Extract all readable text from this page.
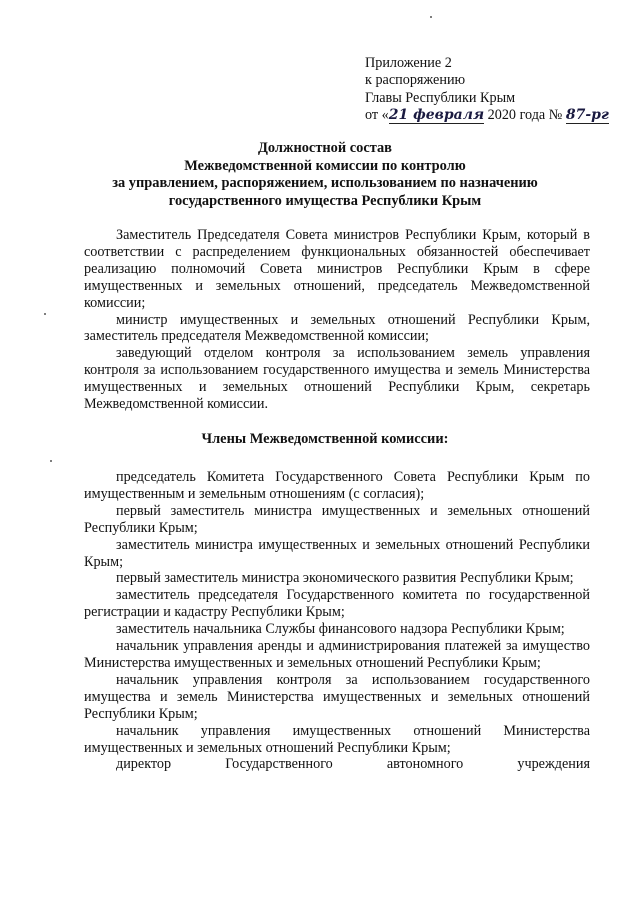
Приложение 2
к распоряжению
Главы Республики Крым
от «21 февраля 2020 года № 87-рг
Должностной состав
Межведомственной комиссии по контролю
за управлением, распоряжением, использованием по назначению
государственного имущества Республики Крым

Заместитель Председателя Совета министров Республики Крым, который в соответствии с распределением функциональных обязанностей обеспечивает реализацию полномочий Совета министров Республики Крым в сфере имущественных и земельных отношений, председатель Межведомственной комиссии;

министр имущественных и земельных отношений Республики Крым, заместитель председателя Межведомственной комиссии;

заведующий отделом контроля за использованием земель управления контроля за использованием государственного имущества и земель Министерства имущественных и земельных отношений Республики Крым, секретарь Межведомственной комиссии.

Члены Межведомственной комиссии:

председатель Комитета Государственного Совета Республики Крым по имущественным и земельным отношениям (с согласия);

первый заместитель министра имущественных и земельных отношений Республики Крым;

заместитель министра имущественных и земельных отношений Республики Крым;

первый заместитель министра экономического развития Республики Крым;

заместитель председателя Государственного комитета по государственной регистрации и кадастру Республики Крым;

заместитель начальника Службы финансового надзора Республики Крым;

начальник управления аренды и администрирования платежей за имущество Министерства имущественных и земельных отношений Республики Крым;

начальник управления контроля за использованием государственного имущества и земель Министерства имущественных и земельных отношений Республики Крым;

начальник управления имущественных отношений Министерства имущественных и земельных отношений Республики Крым;

директор Государственного автономного учреждения
